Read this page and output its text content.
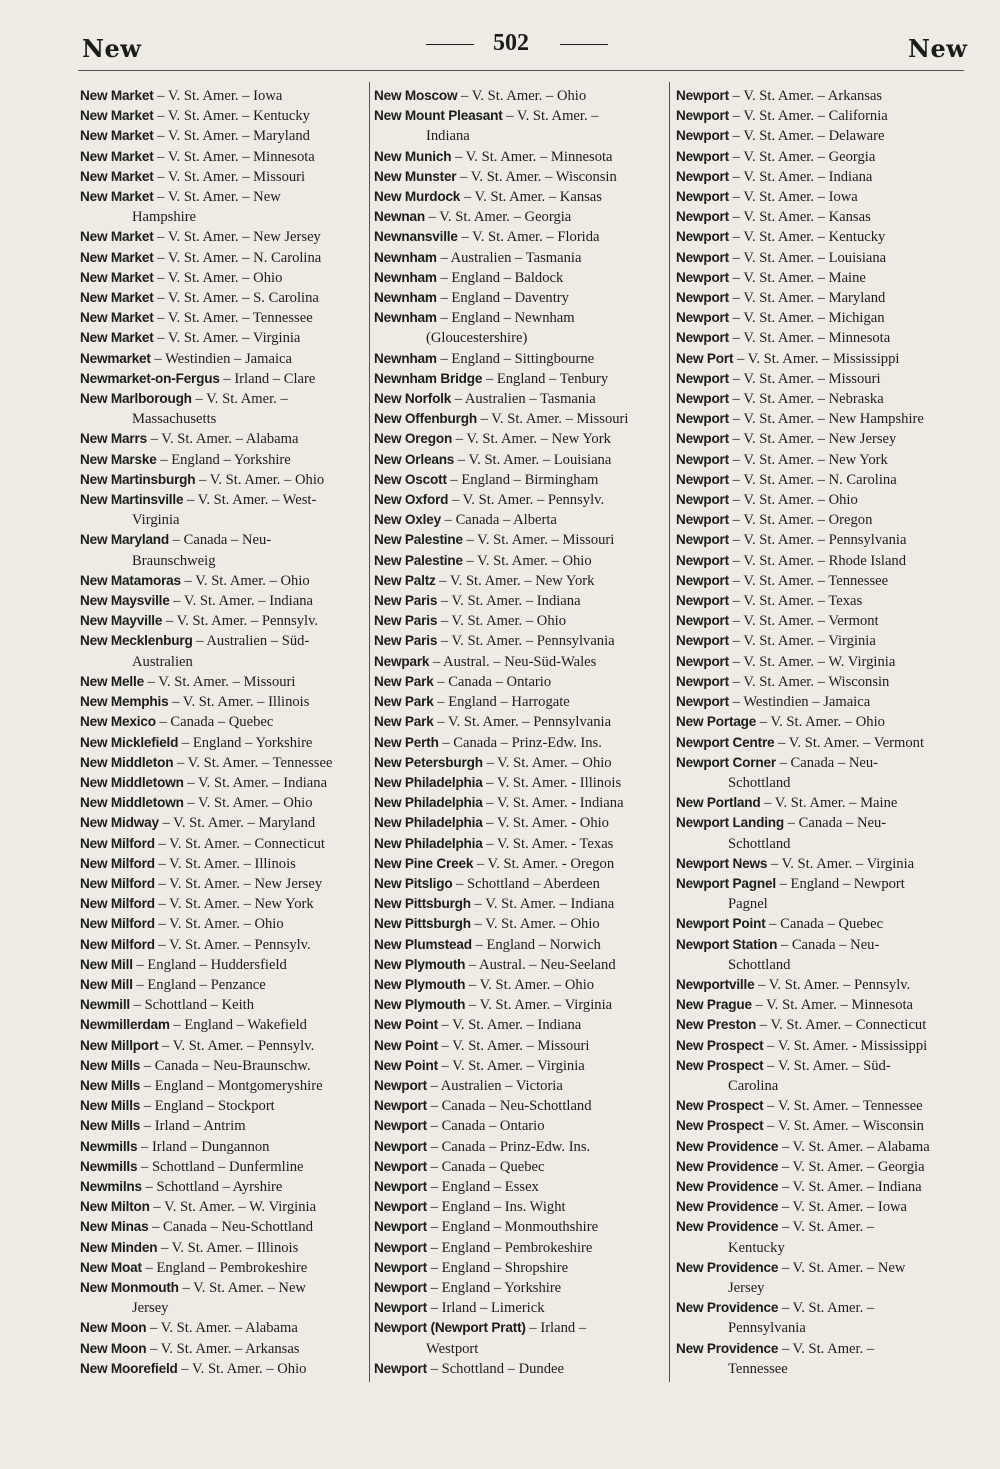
New	502	New
New Market – V. St. Amer. – Iowa
New Market – V. St. Amer. – Kentucky
New Market – V. St. Amer. – Maryland
New Market – V. St. Amer. – Minnesota
New Market – V. St. Amer. – Missouri
New Market – V. St. Amer. – New
Hampshire
New Market – V. St. Amer. – New Jersey
New Market – V. St. Amer. – N. Carolina
New Market – V. St. Amer. – Ohio
New Market – V. St. Amer. – S. Carolina
New Market – V. St. Amer. – Tennessee
New Market – V. St. Amer. – Virginia
Newmarket – Westindien – Jamaica
Newmarket-on-Fergus – Irland – Clare
New Marlborough – V. St. Amer. –
Massachusetts
New Marrs – V. St. Amer. – Alabama
New Marske – England – Yorkshire
New Martinsburgh – V. St. Amer. – Ohio
New Martinsville – V. St. Amer. – West-
Virginia
New Maryland – Canada – Neu-
Braunschweig
New Matamoras – V. St. Amer. – Ohio
New Maysville – V. St. Amer. – Indiana
New Mayville – V. St. Amer. – Pennsylv.
New Mecklenburg – Australien – Süd-
Australien
New Melle – V. St. Amer. – Missouri
New Memphis – V. St. Amer. – Illinois
New Mexico – Canada – Quebec
New Micklefield – England – Yorkshire
New Middleton – V. St. Amer. – Tennessee
New Middletown – V. St. Amer. – Indiana
New Middletown – V. St. Amer. – Ohio
New Midway – V. St. Amer. – Maryland
New Milford – V. St. Amer. – Connecticut
New Milford – V. St. Amer. – Illinois
New Milford – V. St. Amer. – New Jersey
New Milford – V. St. Amer. – New York
New Milford – V. St. Amer. – Ohio
New Milford – V. St. Amer. – Pennsylv.
New Mill – England – Huddersfield
New Mill – England – Penzance
Newmill – Schottland – Keith
Newmillerdam – England – Wakefield
New Millport – V. St. Amer. – Pennsylv.
New Mills – Canada – Neu-Braunschw.
New Mills – England – Montgomeryshire
New Mills – England – Stockport
New Mills – Irland – Antrim
Newmills – Irland – Dungannon
Newmills – Schottland – Dunfermline
Newmilns – Schottland – Ayrshire
New Milton – V. St. Amer. – W. Virginia
New Minas – Canada – Neu-Schottland
New Minden – V. St. Amer. – Illinois
New Moat – England – Pembrokeshire
New Monmouth – V. St. Amer. – New
Jersey
New Moon – V. St. Amer. – Alabama
New Moon – V. St. Amer. – Arkansas
New Moorefield – V. St. Amer. – Ohio
New Moscow – V. St. Amer. – Ohio
New Mount Pleasant – V. St. Amer. –
Indiana
New Munich – V. St. Amer. – Minnesota
New Munster – V. St. Amer. – Wisconsin
New Murdock – V. St. Amer. – Kansas
Newnan – V. St. Amer. – Georgia
Newnansville – V. St. Amer. – Florida
Newnham – Australien – Tasmania
Newnham – England – Baldock
Newnham – England – Daventry
Newnham – England – Newnham
(Gloucestershire)
Newnham – England – Sittingbourne
Newnham Bridge – England – Tenbury
New Norfolk – Australien – Tasmania
New Offenburgh – V. St. Amer. – Missouri
New Oregon – V. St. Amer. – New York
New Orleans – V. St. Amer. – Louisiana
New Oscott – England – Birmingham
New Oxford – V. St. Amer. – Pennsylv.
New Oxley – Canada – Alberta
New Palestine – V. St. Amer. – Missouri
New Palestine – V. St. Amer. – Ohio
New Paltz – V. St. Amer. – New York
New Paris – V. St. Amer. – Indiana
New Paris – V. St. Amer. – Ohio
New Paris – V. St. Amer. – Pennsylvania
Newpark – Austral. – Neu-Süd-Wales
New Park – Canada – Ontario
New Park – England – Harrogate
New Park – V. St. Amer. – Pennsylvania
New Perth – Canada – Prinz-Edw. Ins.
New Petersburgh – V. St. Amer. – Ohio
New Philadelphia – V. St. Amer. - Illinois
New Philadelphia – V. St. Amer. - Indiana
New Philadelphia – V. St. Amer. - Ohio
New Philadelphia – V. St. Amer. - Texas
New Pine Creek – V. St. Amer. - Oregon
New Pitsligo – Schottland – Aberdeen
New Pittsburgh – V. St. Amer. – Indiana
New Pittsburgh – V. St. Amer. – Ohio
New Plumstead – England – Norwich
New Plymouth – Austral. – Neu-Seeland
New Plymouth – V. St. Amer. – Ohio
New Plymouth – V. St. Amer. – Virginia
New Point – V. St. Amer. – Indiana
New Point – V. St. Amer. – Missouri
New Point – V. St. Amer. – Virginia
Newport – Australien – Victoria
Newport – Canada – Neu-Schottland
Newport – Canada – Ontario
Newport – Canada – Prinz-Edw. Ins.
Newport – Canada – Quebec
Newport – England – Essex
Newport – England – Ins. Wight
Newport – England – Monmouthshire
Newport – England – Pembrokeshire
Newport – England – Shropshire
Newport – England – Yorkshire
Newport – Irland – Limerick
Newport (Newport Pratt) – Irland –
Westport
Newport – Schottland – Dundee
Newport – V. St. Amer. – Arkansas
Newport – V. St. Amer. – California
Newport – V. St. Amer. – Delaware
Newport – V. St. Amer. – Georgia
Newport – V. St. Amer. – Indiana
Newport – V. St. Amer. – Iowa
Newport – V. St. Amer. – Kansas
Newport – V. St. Amer. – Kentucky
Newport – V. St. Amer. – Louisiana
Newport – V. St. Amer. – Maine
Newport – V. St. Amer. – Maryland
Newport – V. St. Amer. – Michigan
Newport – V. St. Amer. – Minnesota
New Port – V. St. Amer. – Mississippi
Newport – V. St. Amer. – Missouri
Newport – V. St. Amer. – Nebraska
Newport – V. St. Amer. – New Hampshire
Newport – V. St. Amer. – New Jersey
Newport – V. St. Amer. – New York
Newport – V. St. Amer. – N. Carolina
Newport – V. St. Amer. – Ohio
Newport – V. St. Amer. – Oregon
Newport – V. St. Amer. – Pennsylvania
Newport – V. St. Amer. – Rhode Island
Newport – V. St. Amer. – Tennessee
Newport – V. St. Amer. – Texas
Newport – V. St. Amer. – Vermont
Newport – V. St. Amer. – Virginia
Newport – V. St. Amer. – W. Virginia
Newport – V. St. Amer. – Wisconsin
Newport – Westindien – Jamaica
New Portage – V. St. Amer. – Ohio
Newport Centre – V. St. Amer. – Vermont
Newport Corner – Canada – Neu-
Schottland
New Portland – V. St. Amer. – Maine
Newport Landing – Canada – Neu-
Schottland
Newport News – V. St. Amer. – Virginia
Newport Pagnel – England – Newport
Pagnel
Newport Point – Canada – Quebec
Newport Station – Canada – Neu-
Schottland
Newportville – V. St. Amer. – Pennsylv.
New Prague – V. St. Amer. – Minnesota
New Preston – V. St. Amer. – Connecticut
New Prospect – V. St. Amer. - Mississippi
New Prospect – V. St. Amer. – Süd-
Carolina
New Prospect – V. St. Amer. – Tennessee
New Prospect – V. St. Amer. – Wisconsin
New Providence – V. St. Amer. – Alabama
New Providence – V. St. Amer. – Georgia
New Providence – V. St. Amer. – Indiana
New Providence – V. St. Amer. – Iowa
New Providence – V. St. Amer. –
Kentucky
New Providence – V. St. Amer. – New
Jersey
New Providence – V. St. Amer. –
Pennsylvania
New Providence – V. St. Amer. –
Tennessee
